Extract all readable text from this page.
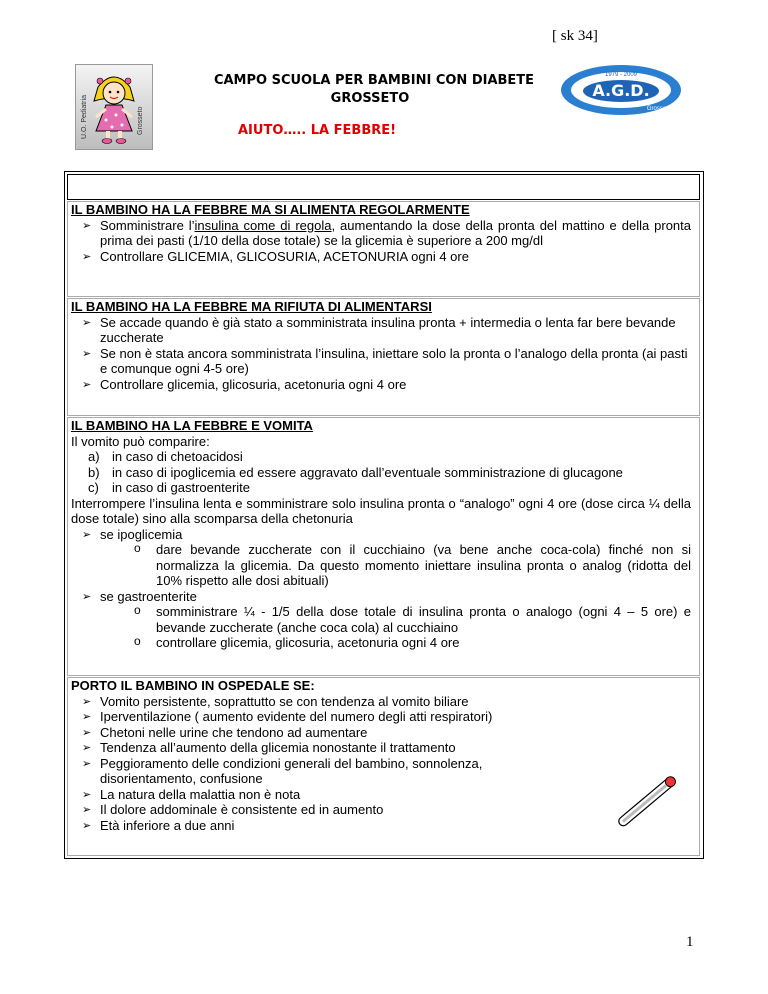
[ sk 34]
U.O. Pediatria	Grosseto
CAMPO SCUOLA PER BAMBINI CON DIABETE
GROSSETO	A.G.D.
1979 - 2009
Grosseto
AIUTO….. LA FEBBRE!
IL BAMBINO HA LA FEBBRE MA SI ALIMENTA REGOLARMENTE
➢ Somministrare l’insulina come di regola, aumentando la dose della pronta del mattino e della pronta prima dei pasti (1/10 della dose totale) se la glicemia è superiore a 200 mg/dl
➢ Controllare GLICEMIA, GLICOSURIA, ACETONURIA ogni 4 ore
IL BAMBINO HA LA FEBBRE MA RIFIUTA DI ALIMENTARSI
➢ Se accade quando è già stato a somministrata insulina pronta + intermedia o lenta far bere bevande zuccherate
➢ Se non è stata ancora somministrata l’insulina, iniettare solo la pronta o l’analogo della pronta (ai pasti e comunque ogni 4-5 ore)
➢ Controllare glicemia, glicosuria, acetonuria ogni 4 ore
IL BAMBINO HA LA FEBBRE E VOMITA
Il vomito può comparire:
a) in caso di chetoacidosi
b) in caso di ipoglicemia ed essere aggravato dall’eventuale somministrazione di glucagone
c) in caso di gastroenterite
Interrompere l’insulina lenta e somministrare solo insulina pronta o “analogo” ogni 4 ore (dose circa ¼ della dose totale) sino alla scomparsa della chetonuria
➢ se ipoglicemia
o dare bevande zuccherate con il cucchiaino (va bene anche coca-cola) finché non si normalizza la glicemia. Da questo momento iniettare insulina pronta o analog (ridotta del 10% rispetto alle dosi abituali)
➢ se gastroenterite
o somministrare ¼ - 1/5 della dose totale di insulina pronta o analogo (ogni 4 – 5 ore) e bevande zuccherate (anche coca cola) al cucchiaino
o controllare glicemia, glicosuria, acetonuria ogni 4 ore
PORTO IL BAMBINO IN OSPEDALE SE:
➢ Vomito persistente, soprattutto se con tendenza al vomito biliare
➢ Iperventilazione ( aumento evidente del numero degli atti respiratori)
➢ Chetoni nelle urine che tendono ad aumentare
➢ Tendenza all’aumento della glicemia nonostante il trattamento
➢ Peggioramento delle condizioni generali del bambino, sonnolenza, disorientamento, confusione
➢ La natura della malattia non è nota
➢ Il dolore addominale è consistente ed in aumento
➢ Età inferiore a due anni
1
